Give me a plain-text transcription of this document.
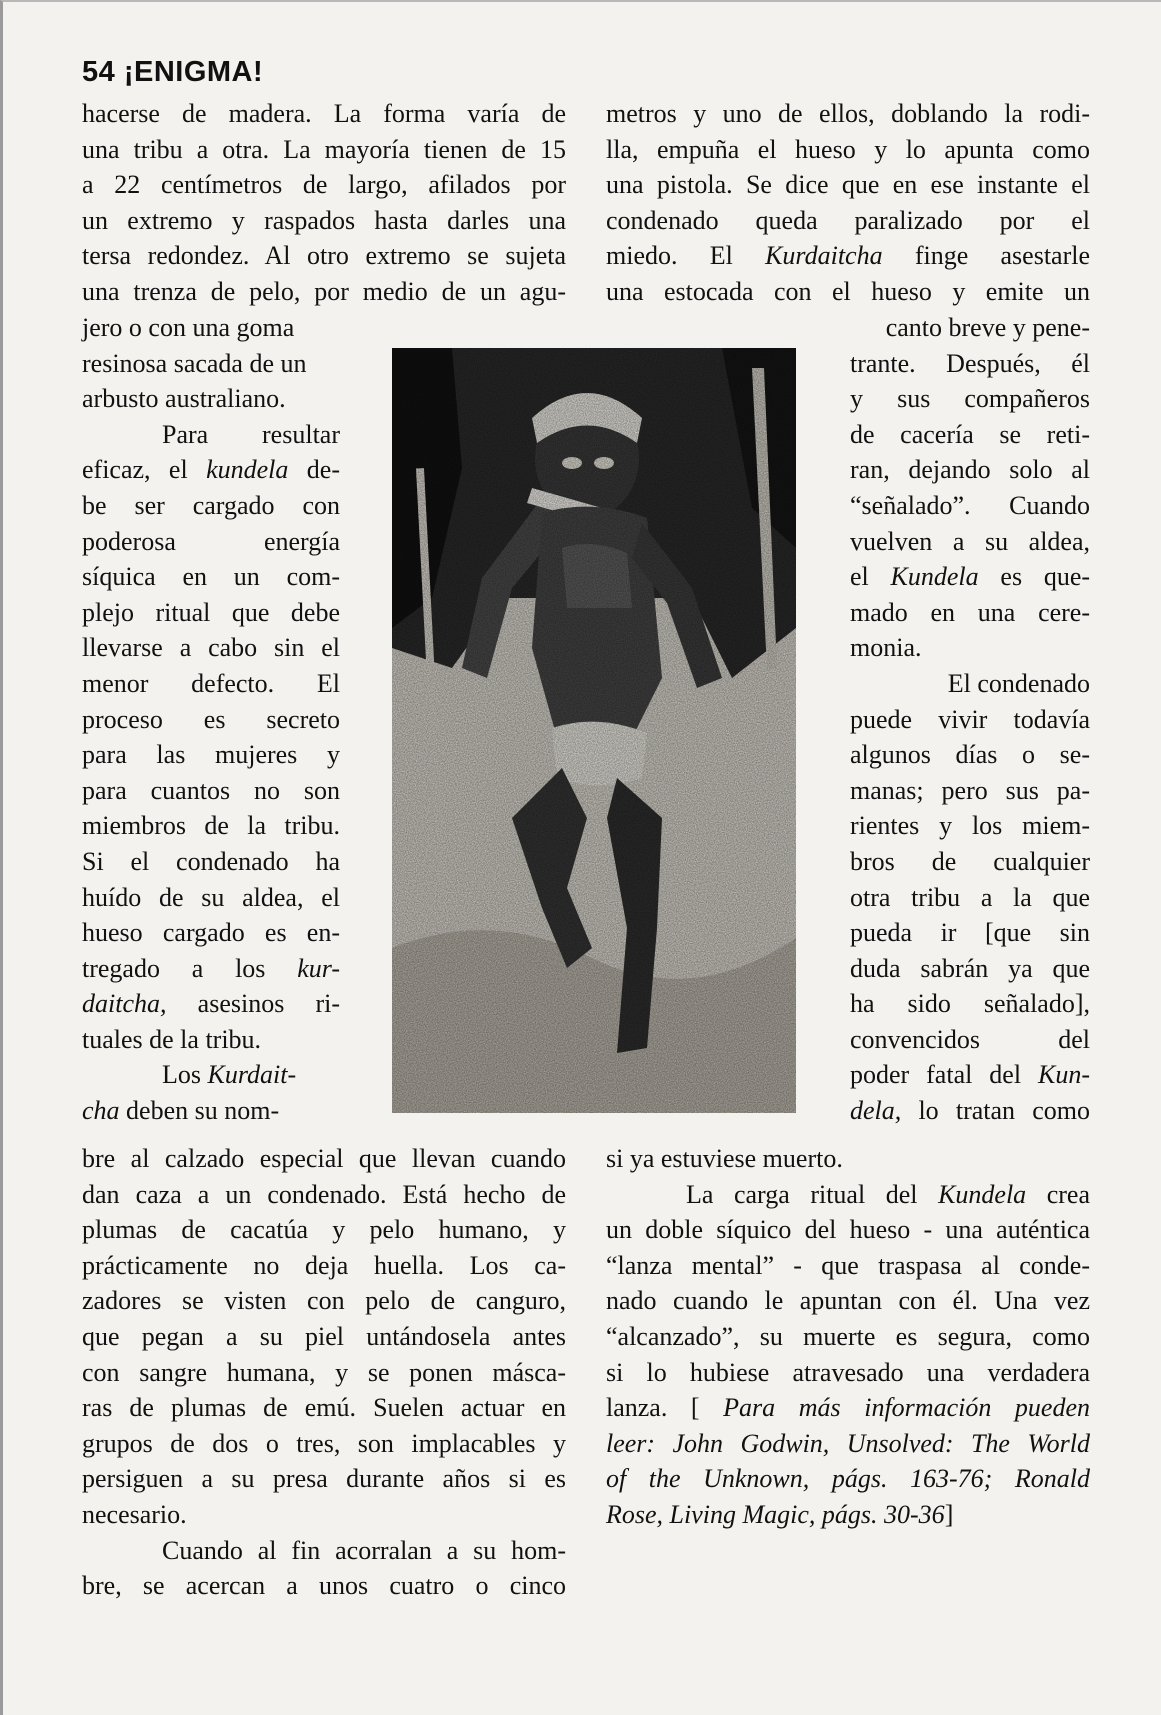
54 ¡ENIGMA!
hacerse de madera. La forma varía de
una tribu a otra. La mayoría tienen de 15
a 22 centímetros de largo, afilados por
un extremo y raspados hasta darles una
tersa redondez. Al otro extremo se sujeta
una trenza de pelo, por medio de un agu-
jero o con una goma
resinosa sacada de un
arbusto australiano.
Para resultar
eficaz, el kundela de-
be ser cargado con
poderosa energía
síquica en un com-
plejo ritual que debe
llevarse a cabo sin el
menor defecto. El
proceso es secreto
para las mujeres y
para cuantos no son
miembros de la tribu.
Si el condenado ha
huído de su aldea, el
hueso cargado es en-
tregado a los kur-
daitcha, asesinos ri-
tuales de la tribu.
Los Kurdait-
cha deben su nom-
bre al calzado especial que llevan cuando
dan caza a un condenado. Está hecho de
plumas de cacatúa y pelo humano, y
prácticamente no deja huella. Los ca-
zadores se visten con pelo de canguro,
que pegan a su piel untándosela antes
con sangre humana, y se ponen másca-
ras de plumas de emú. Suelen actuar en
grupos de dos o tres, son implacables y
persiguen a su presa durante años si es
necesario.
Cuando al fin acorralan a su hom-
bre, se acercan a unos cuatro o cinco
metros y uno de ellos, doblando la rodi-
lla, empuña el hueso y lo apunta como
una pistola. Se dice que en ese instante el
condenado queda paralizado por el
miedo. El Kurdaitcha finge asestarle
una estocada con el hueso y emite un
canto breve y pene-
trante. Después, él
y sus compañeros
de cacería se reti-
ran, dejando solo al
“señalado”. Cuando
vuelven a su aldea,
el Kundela es que-
mado en una cere-
monia.
El condenado
puede vivir todavía
algunos días o se-
manas; pero sus pa-
rientes y los miem-
bros de cualquier
otra tribu a la que
pueda ir [que sin
duda sabrán ya que
ha sido señalado],
convencidos del
poder fatal del Kun-
dela, lo tratan como
si ya estuviese muerto.
La carga ritual del Kundela crea
un doble síquico del hueso - una auténtica
“lanza mental” - que traspasa al conde-
nado cuando le apuntan con él. Una vez
“alcanzado”, su muerte es segura, como
si lo hubiese atravesado una verdadera
lanza. [ Para más información pueden
leer: John Godwin, Unsolved: The World
of the Unknown, págs. 163-76; Ronald
Rose, Living Magic, págs. 30-36]
